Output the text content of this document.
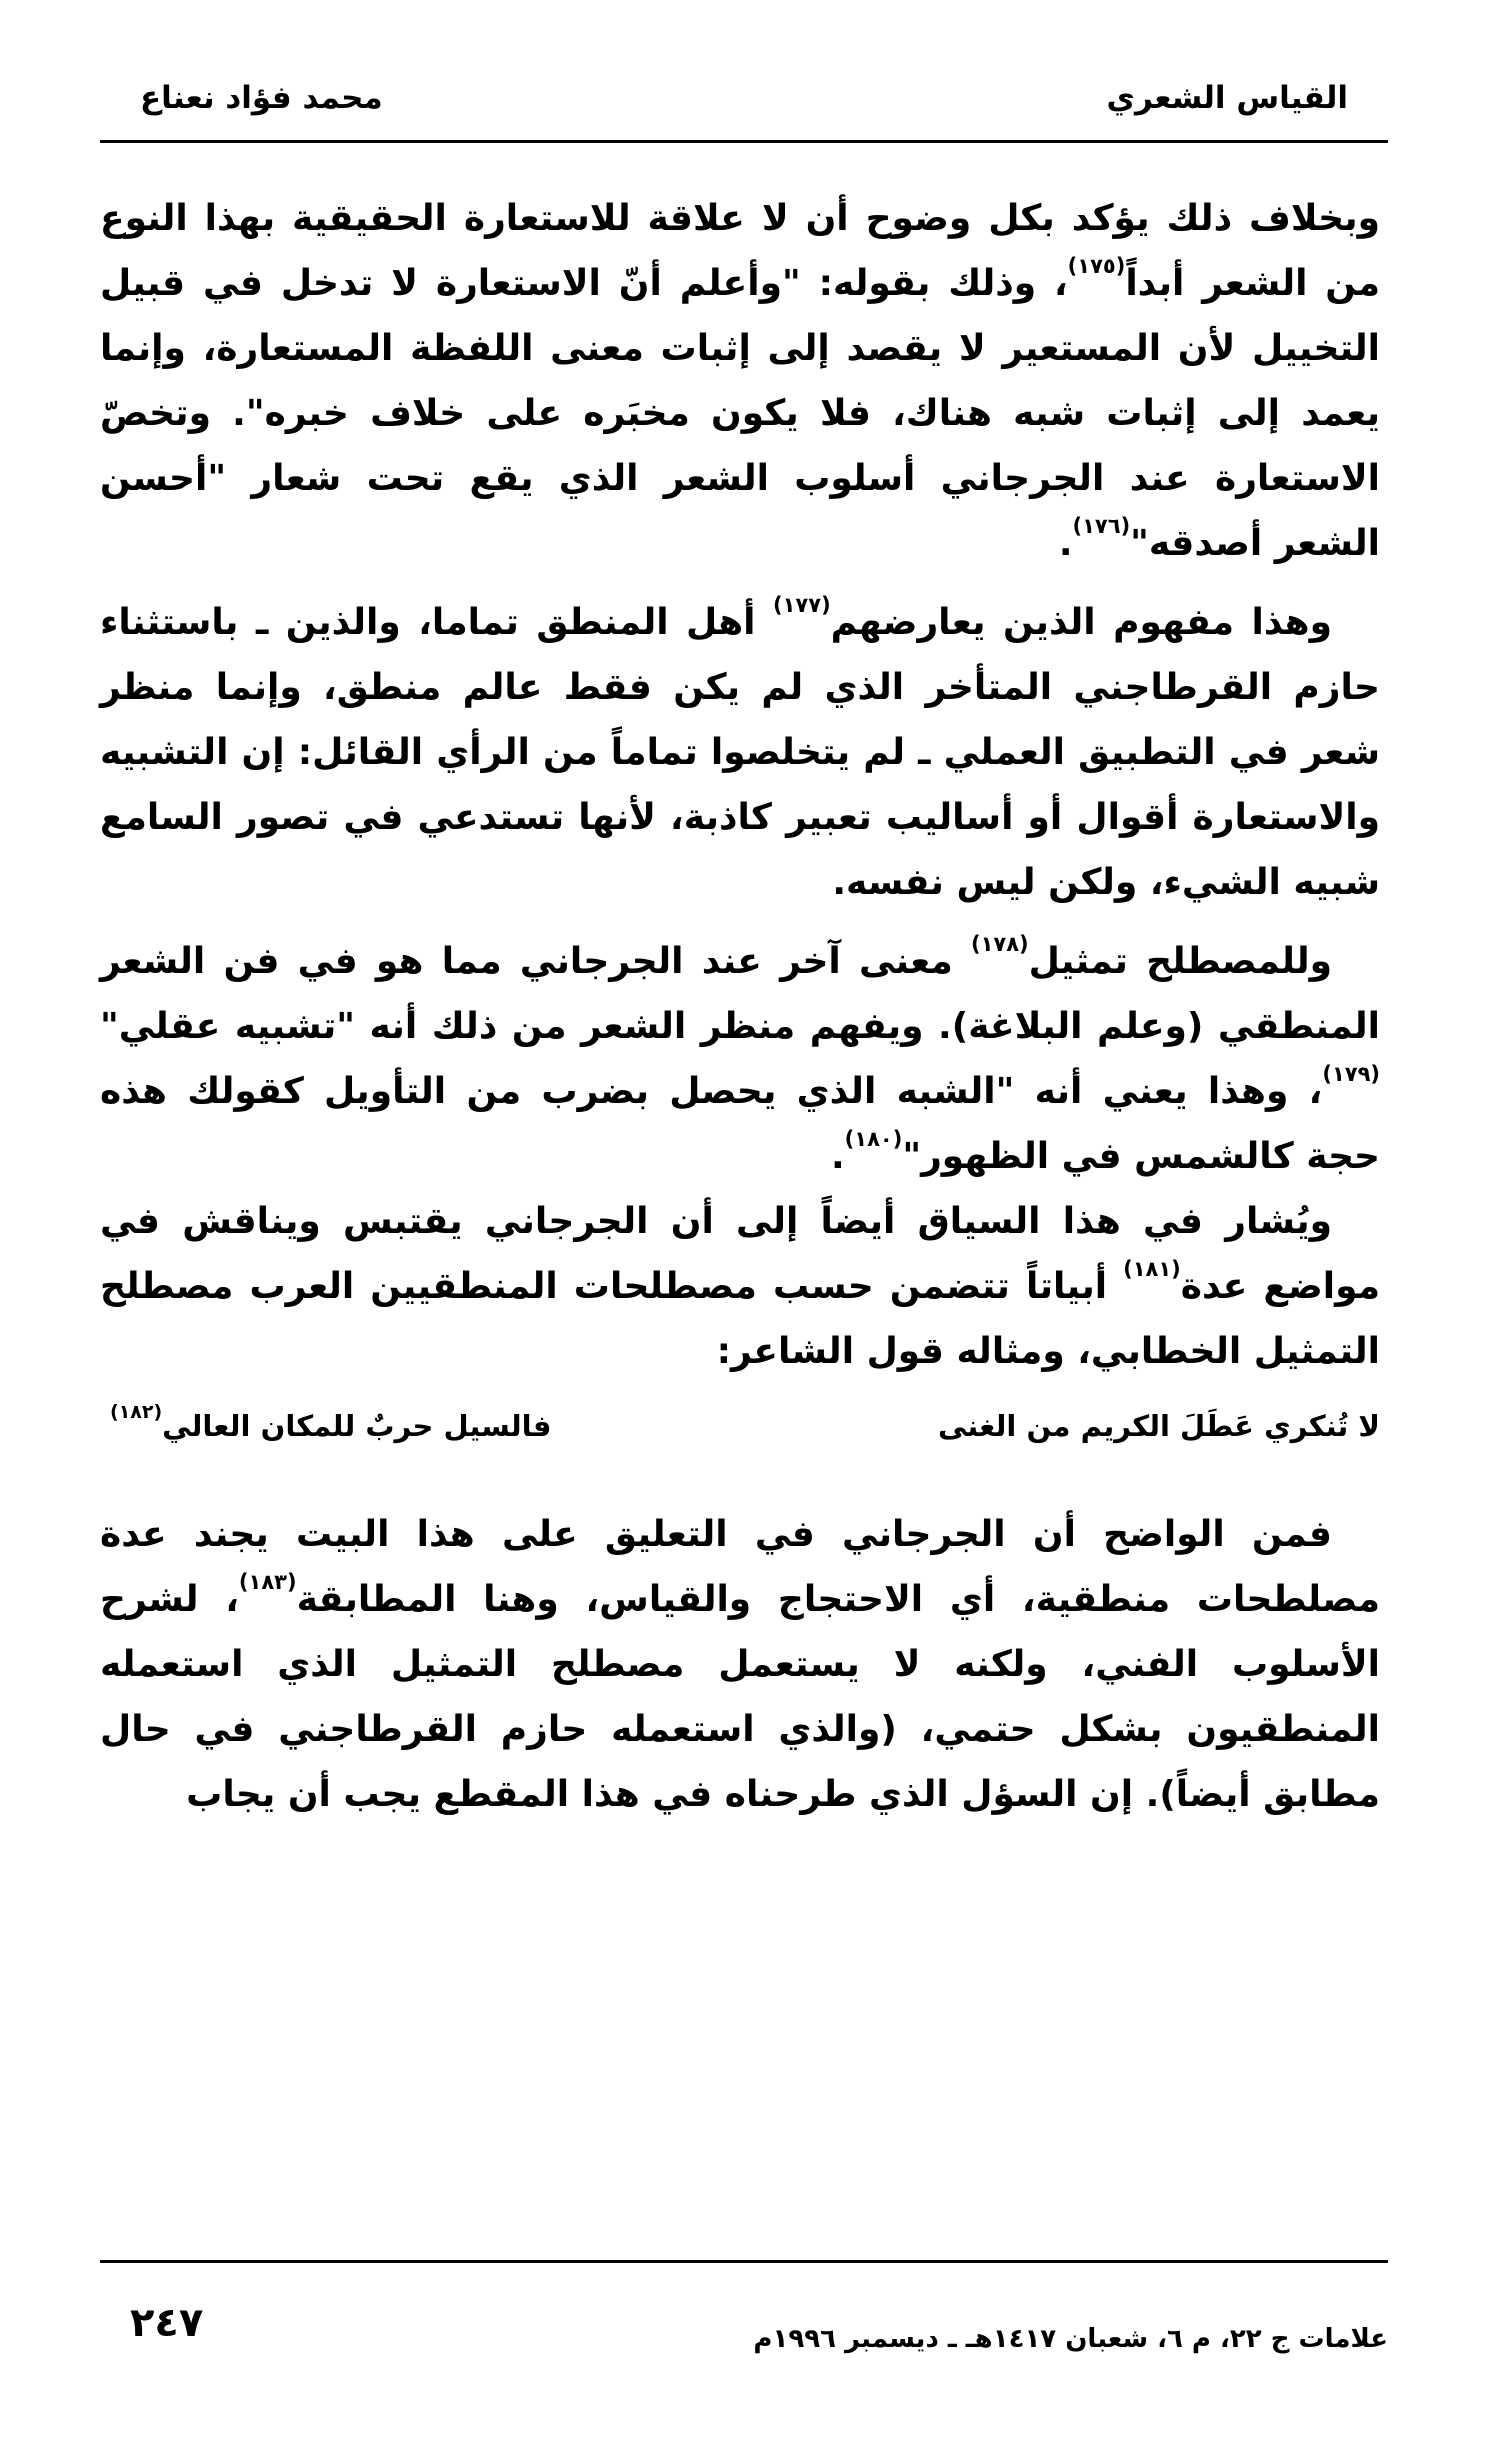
القياس الشعري
محمد فؤاد نعناع

وبخلاف ذلك يؤكد بكل وضوح أن لا علاقة للاستعارة الحقيقية بهذا النوع من الشعر أبداً$^{(١٧٥)}$، وذلك بقوله: "وأعلم أنّ الاستعارة لا تدخل في قبيل التخييل لأن المستعير لا يقصد إلى إثبات معنى اللفظة المستعارة، وإنما يعمد إلى إثبات شبه هناك، فلا يكون مخبَره على خلاف خبره". وتخصّ الاستعارة عند الجرجاني أسلوب الشعر الذي يقع تحت شعار "أحسن الشعر أصدقه"$^{(١٧٦)}$.

وهذا مفهوم الذين يعارضهم$^{(١٧٧)}$ أهل المنطق تماما، والذين ـ باستثناء حازم القرطاجني المتأخر الذي لم يكن فقط عالم منطق، وإنما منظر شعر في التطبيق العملي ـ لم يتخلصوا تماماً من الرأي القائل: إن التشبيه والاستعارة أقوال أو أساليب تعبير كاذبة، لأنها تستدعي في تصور السامع شبيه الشيء، ولكن ليس نفسه.

وللمصطلح تمثيل$^{(١٧٨)}$ معنى آخر عند الجرجاني مما هو في فن الشعر المنطقي (وعلم البلاغة). ويفهم منظر الشعر من ذلك أنه "تشبيه عقلي"$^{(١٧٩)}$، وهذا يعني أنه "الشبه الذي يحصل بضرب من التأويل كقولك هذه حجة كالشمس في الظهور"$^{(١٨٠)}$.

ويُشار في هذا السياق أيضاً إلى أن الجرجاني يقتبس ويناقش في مواضع عدة$^{(١٨١)}$ أبياتاً تتضمن حسب مصطلحات المنطقيين العرب مصطلح التمثيل الخطابي، ومثاله قول الشاعر:

لا تُنكري عَطَلَ الكريم من الغنى
فالسيل حربٌ للمكان العالي$^{(١٨٢)}$

فمن الواضح أن الجرجاني في التعليق على هذا البيت يجند عدة مصلطحات منطقية، أي الاحتجاج والقياس، وهنا المطابقة$^{(١٨٣)}$، لشرح الأسلوب الفني، ولكنه لا يستعمل مصطلح التمثيل الذي استعمله المنطقيون بشكل حتمي، (والذي استعمله حازم القرطاجني في حال مطابق أيضاً). إن السؤل الذي طرحناه في هذا المقطع يجب أن يجاب

علامات ج ٢٢، م ٦، شعبان ١٤١٧هـ ـ ديسمبر ١٩٩٦م
٢٤٧
